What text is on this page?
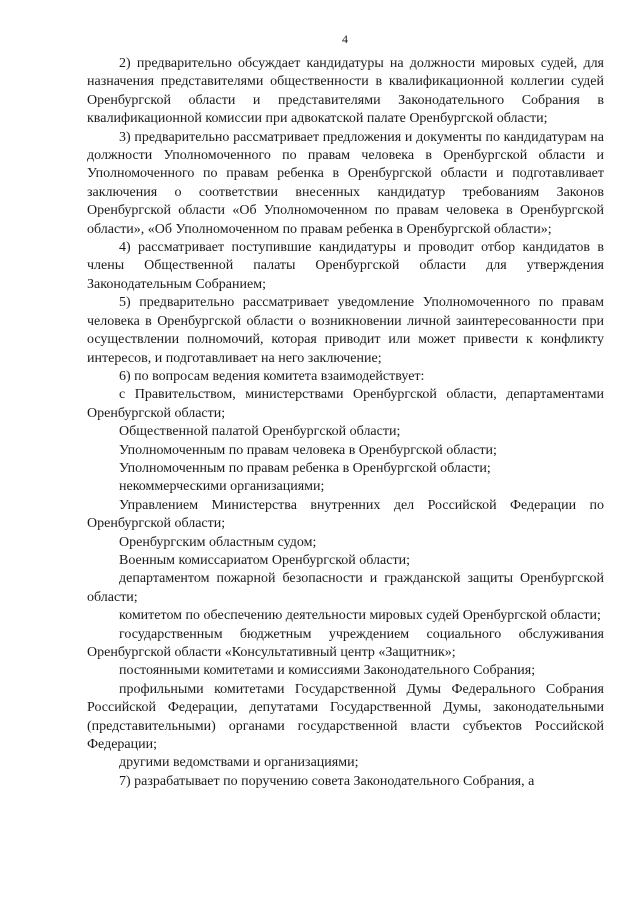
4

2) предварительно обсуждает кандидатуры на должности мировых судей, для назначения представителями общественности в квалификационной коллегии судей Оренбургской области и представителями Законодательного Собрания в квалификационной комиссии при адвокатской палате Оренбургской области;

3) предварительно рассматривает предложения и документы по кандидатурам на должности Уполномоченного по правам человека в Оренбургской области и Уполномоченного по правам ребенка в Оренбургской области и подготавливает заключения о соответствии внесенных кандидатур требованиям Законов Оренбургской области «Об Уполномоченном по правам человека в Оренбургской области», «Об Уполномоченном по правам ребенка в Оренбургской области»;

4) рассматривает поступившие кандидатуры и проводит отбор кандидатов в члены Общественной палаты Оренбургской области для утверждения Законодательным Собранием;

5) предварительно рассматривает уведомление Уполномоченного по правам человека в Оренбургской области о возникновении личной заинтересованности при осуществлении полномочий, которая приводит или может привести к конфликту интересов, и подготавливает на него заключение;

6) по вопросам ведения комитета взаимодействует:

с Правительством, министерствами Оренбургской области, департаментами Оренбургской области;

Общественной палатой Оренбургской области;

Уполномоченным по правам человека в Оренбургской области;

Уполномоченным по правам ребенка в Оренбургской области;

некоммерческими организациями;

Управлением Министерства внутренних дел Российской Федерации по Оренбургской области;

Оренбургским областным судом;

Военным комиссариатом Оренбургской области;

департаментом пожарной безопасности и гражданской защиты Оренбургской области;

комитетом по обеспечению деятельности мировых судей Оренбургской области;

государственным бюджетным учреждением социального обслуживания Оренбургской области «Консультативный центр «Защитник»;

постоянными комитетами и комиссиями Законодательного Собрания;

профильными комитетами Государственной Думы Федерального Собрания Российской Федерации, депутатами Государственной Думы, законодательными (представительными) органами государственной власти субъектов Российской Федерации;

другими ведомствами и организациями;

7) разрабатывает по поручению совета Законодательного Собрания, а
